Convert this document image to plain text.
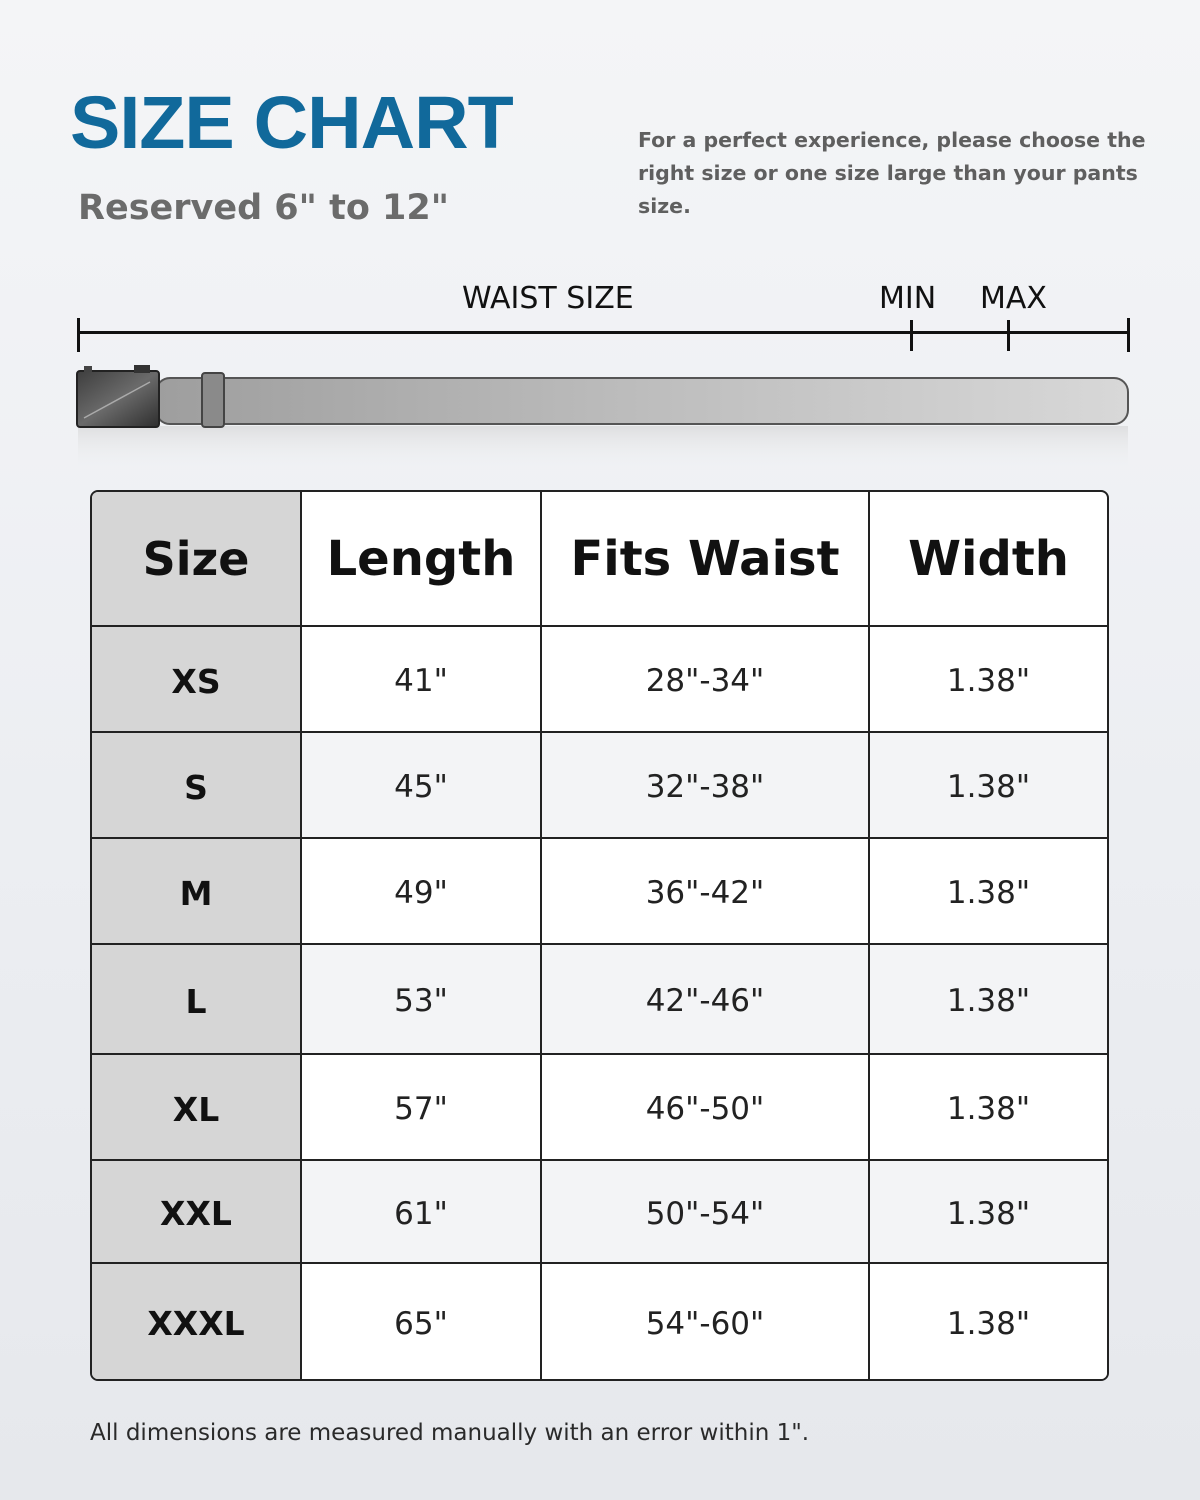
SIZE CHART
Reserved 6" to 12"
For a perfect experience, please choose the
right size or one size large than your pants size.
WAIST SIZE	MIN MAX
Size	Length	Fits Waist	Width
XS	41"	28"-34"	1.38"
S	45"	32"-38"	1.38"
M	49"	36"-42"	1.38"
L	53"	42"-46"	1.38"
XL	57"	46"-50"	1.38"
XXL	61"	50"-54"	1.38"
XXXL	65"	54"-60"	1.38"
All dimensions are measured manually with an error within 1".
